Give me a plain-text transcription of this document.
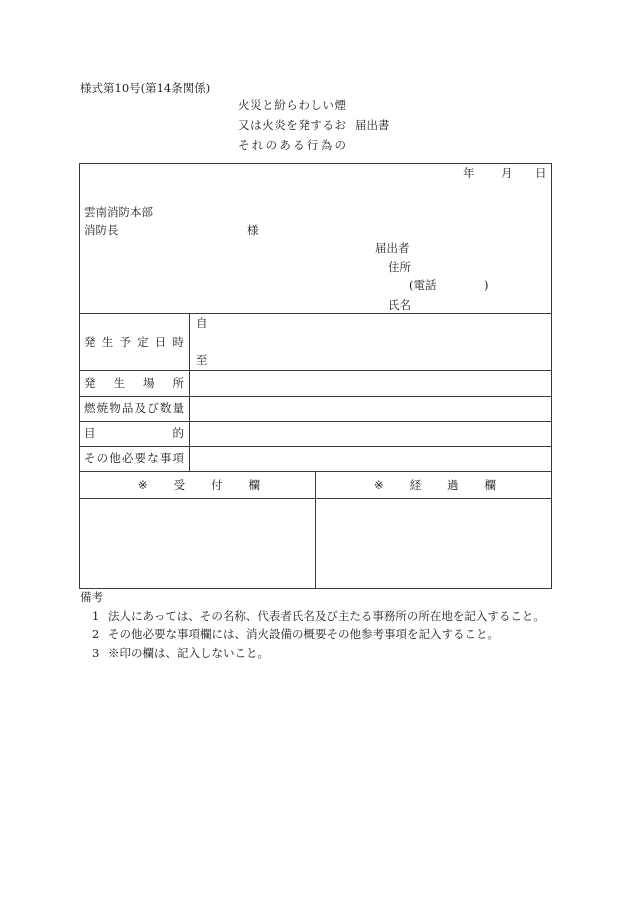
様式第10号(第14条関係)
火 災 と 紛 ら わ し い 煙
又 は 火 炎 を 発 す る お
そ れ の あ る 行 為 の
届出書
年 月 日
雲南消防本部
消防長	様
届出者
住所
(電話	)
氏名
発 生 予 定 日 時
自
至
発 生 場 所
燃 焼 物 品 及 び 数 量
目	的
そ の 他 必 要 な 事 項
※ 受 付 欄	※ 経 過 欄
備考
1 法人にあっては、その名称、代表者氏名及び主たる事務所の所在地を記入すること。
2 その他必要な事項欄には、消火設備の概要その他参考事項を記入すること。
3 ※印の欄は、記入しないこと。
